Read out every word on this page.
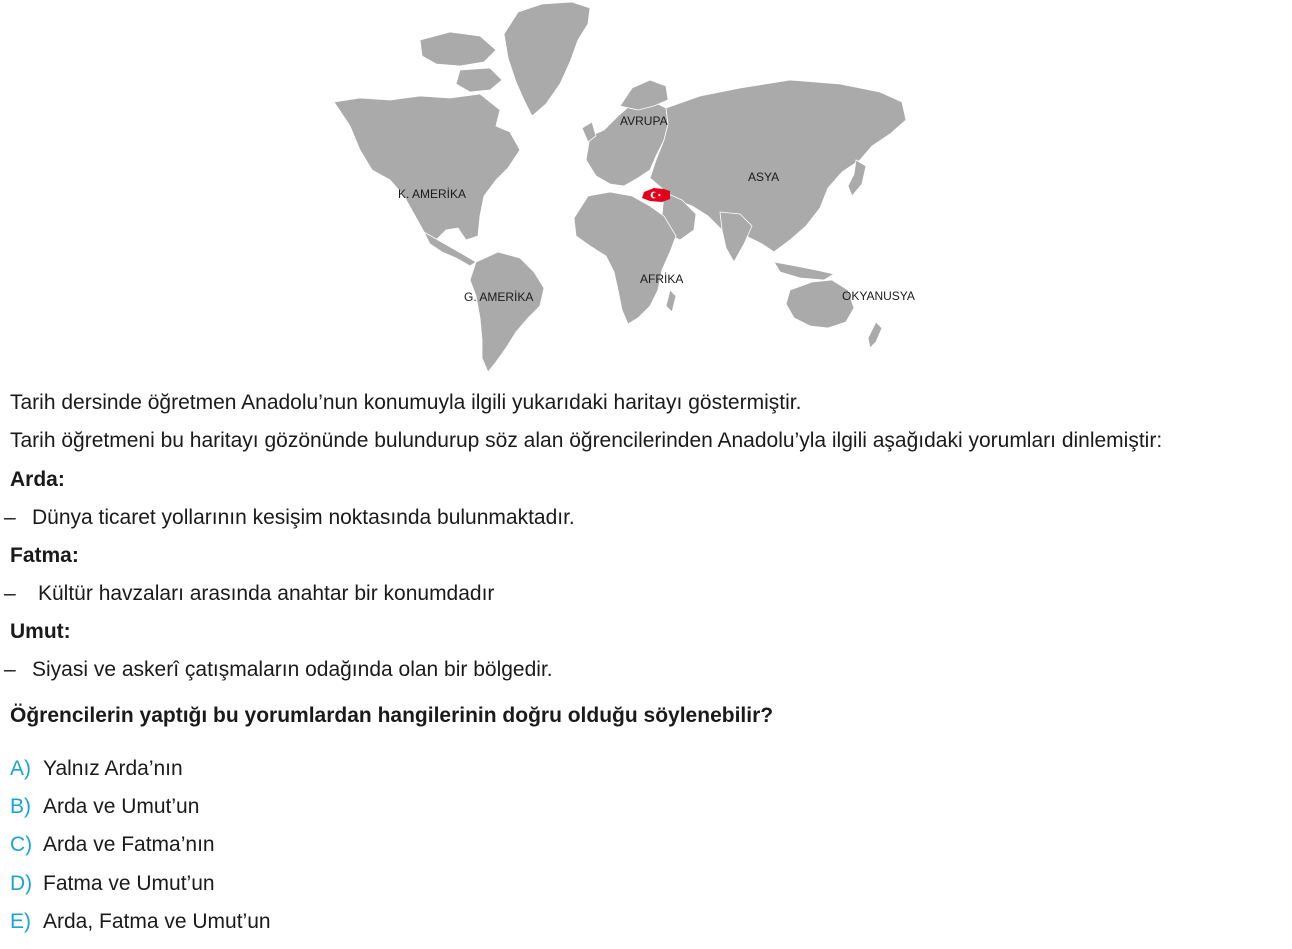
AVRUPA
ASYA
K. AMERİKA
G. AMERİKA
AFRİKA
OKYANUSYA
Tarih dersinde öğretmen Anadolu’nun konumuyla ilgili yukarıdaki haritayı göstermiştir.
Tarih öğretmeni bu haritayı gözönünde bulundurup söz alan öğrencilerinden Anadolu’yla ilgili aşağıdaki yorumları dinlemiştir:
Arda:
– Dünya ticaret yollarının kesişim noktasında bulunmaktadır.
Fatma:
– Kültür havzaları arasında anahtar bir konumdadır
Umut:
– Siyasi ve askerî çatışmaların odağında olan bir bölgedir.
Öğrencilerin yaptığı bu yorumlardan hangilerinin doğru olduğu söylenebilir?
A) Yalnız Arda’nın
B) Arda ve Umut’un
C) Arda ve Fatma’nın
D) Fatma ve Umut’un
E) Arda, Fatma ve Umut’un
